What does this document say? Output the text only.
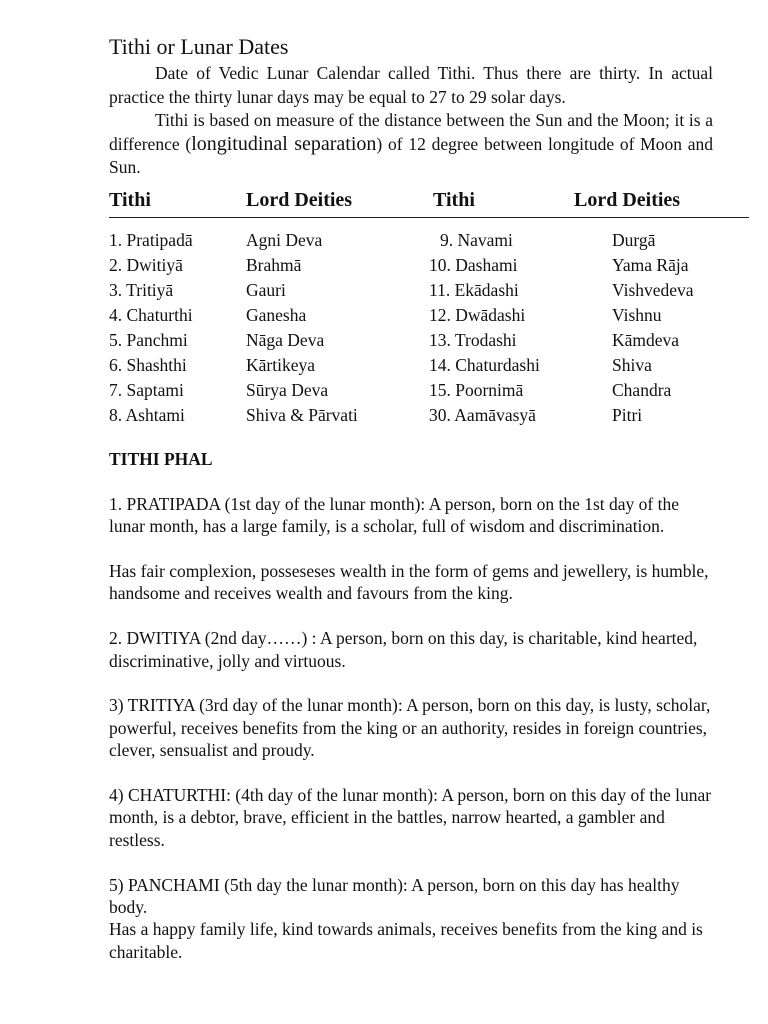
Tithi or Lunar Dates

Date of Vedic Lunar Calendar called Tithi. Thus there are thirty. In actual practice the thirty lunar days may be equal to 27 to 29 solar days.

Tithi is based on measure of the distance between the Sun and the Moon; it is a difference (longitudinal separation) of 12 degree between longitude of Moon and Sun.

Tithi	Lord Deities	Tithi	Lord Deities
1. Pratipadā	Agni Deva	9. Navami	Durgā
2. Dwitiyā	Brahmā	10. Dashami	Yama Rāja
3. Tritiyā	Gauri	11. Ekādashi	Vishvedeva
4. Chaturthi	Ganesha	12. Dwādashi	Vishnu
5. Panchmi	Nāga Deva	13. Trodashi	Kāmdeva
6. Shashthi	Kārtikeya	14. Chaturdashi	Shiva
7. Saptami	Sūrya Deva	15. Poornimā	Chandra
8. Ashtami	Shiva & Pārvati	30. Aamāvasyā	Pitri

TITHI PHAL

1. PRATIPADA (1st day of the lunar month): A person, born on the 1st day of the lunar month, has a large family, is a scholar, full of wisdom and discrimination.

Has fair complexion, posseseses wealth in the form of gems and jewellery, is humble, handsome and receives wealth and favours from the king.

2. DWITIYA (2nd day……) : A person, born on this day, is charitable, kind hearted, discriminative, jolly and virtuous.

3) TRITIYA (3rd day of the lunar month): A person, born on this day, is lusty, scholar, powerful, receives benefits from the king or an authority, resides in foreign countries, clever, sensualist and proudy.

4) CHATURTHI: (4th day of the lunar month): A person, born on this day of the lunar month, is a debtor, brave, efficient in the battles, narrow hearted, a gambler and restless.

5) PANCHAMI (5th day the lunar month): A person, born on this day has healthy body.
Has a happy family life, kind towards animals, receives benefits from the king and is charitable.
